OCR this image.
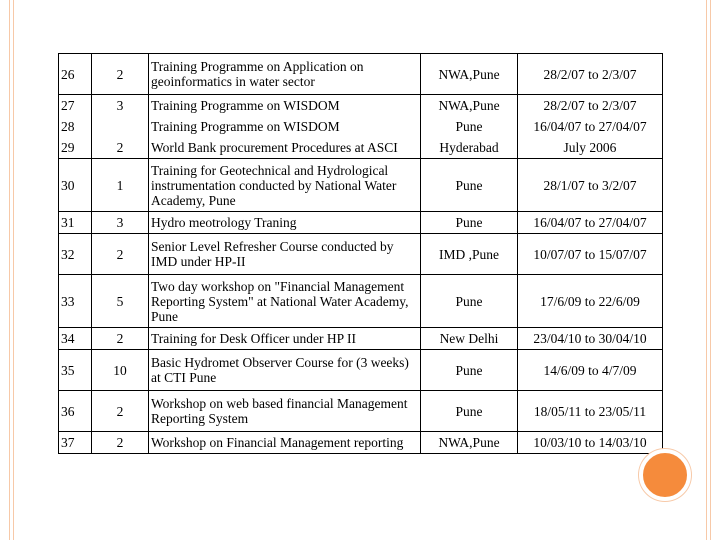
26	2	Training Programme on Application on geoinformatics in water sector	NWA,Pune	28/2/07 to 2/3/07
27	3	Training Programme on WISDOM	NWA,Pune	28/2/07 to 2/3/07
28		Training Programme on WISDOM	Pune	16/04/07 to 27/04/07
29	2	World Bank procurement Procedures at ASCI	Hyderabad	July 2006
30	1	Training for Geotechnical and Hydrological instrumentation conducted by National Water Academy, Pune	Pune	28/1/07 to 3/2/07
31	3	Hydro meotrology Traning	Pune	16/04/07 to 27/04/07
32	2	Senior Level Refresher Course conducted by IMD under HP-II	IMD ,Pune	10/07/07 to 15/07/07
33	5	Two day workshop on "Financial Management Reporting System" at National Water Academy, Pune	Pune	17/6/09 to 22/6/09
34	2	Training for Desk Officer under HP II	New Delhi	23/04/10 to 30/04/10
35	10	Basic Hydromet Observer Course for (3 weeks) at CTI Pune	Pune	14/6/09 to 4/7/09
36	2	Workshop on web based financial Management Reporting System	Pune	18/05/11 to 23/05/11
37	2	Workshop on Financial Management reporting	NWA,Pune	10/03/10 to 14/03/10
